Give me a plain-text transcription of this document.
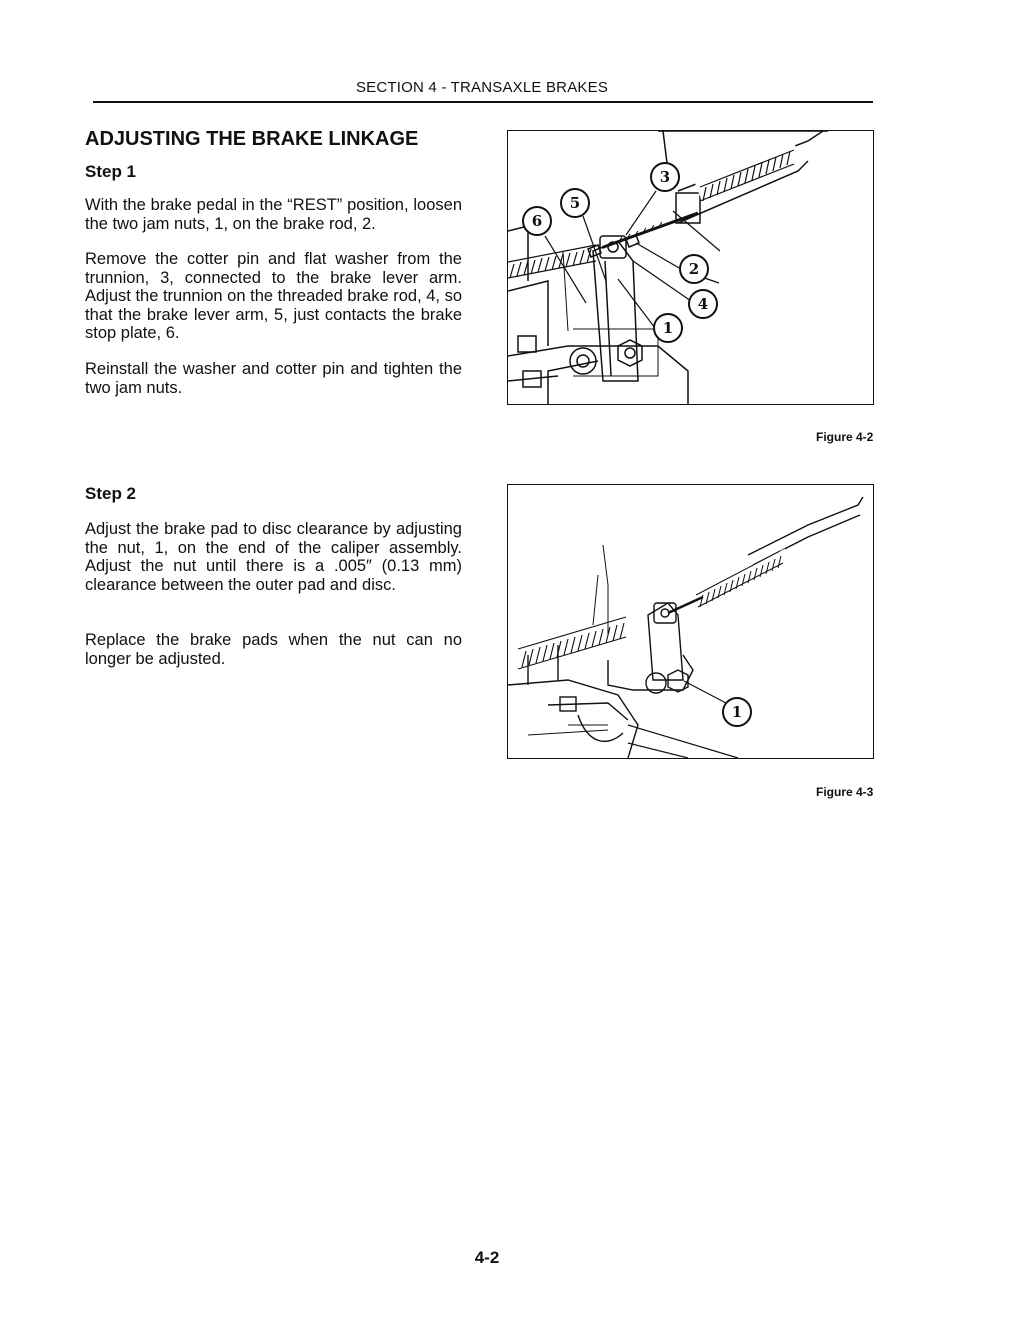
SECTION 4 - TRANSAXLE BRAKES
ADJUSTING THE BRAKE LINKAGE
Step 1
With the brake pedal in the “REST” position, loosen the two jam nuts, 1, on the brake rod, 2.
Remove the cotter pin and flat washer from the trunnion, 3, connected to the brake lever arm. Adjust the trunnion on the threaded brake rod, 4, so that the brake lever arm, 5, just contacts the brake stop plate, 6.
Reinstall the washer and cotter pin and tighten the two jam nuts.
3
5
6
2
4
1
Figure 4-2
Step 2
Adjust the brake pad to disc clearance by adjusting the nut, 1, on the end of the caliper assembly. Adjust the nut until there is a .005″ (0.13 mm) clearance between the outer pad and disc.
Replace the brake pads when the nut can no longer be adjusted.
1
Figure 4-3
4-2
